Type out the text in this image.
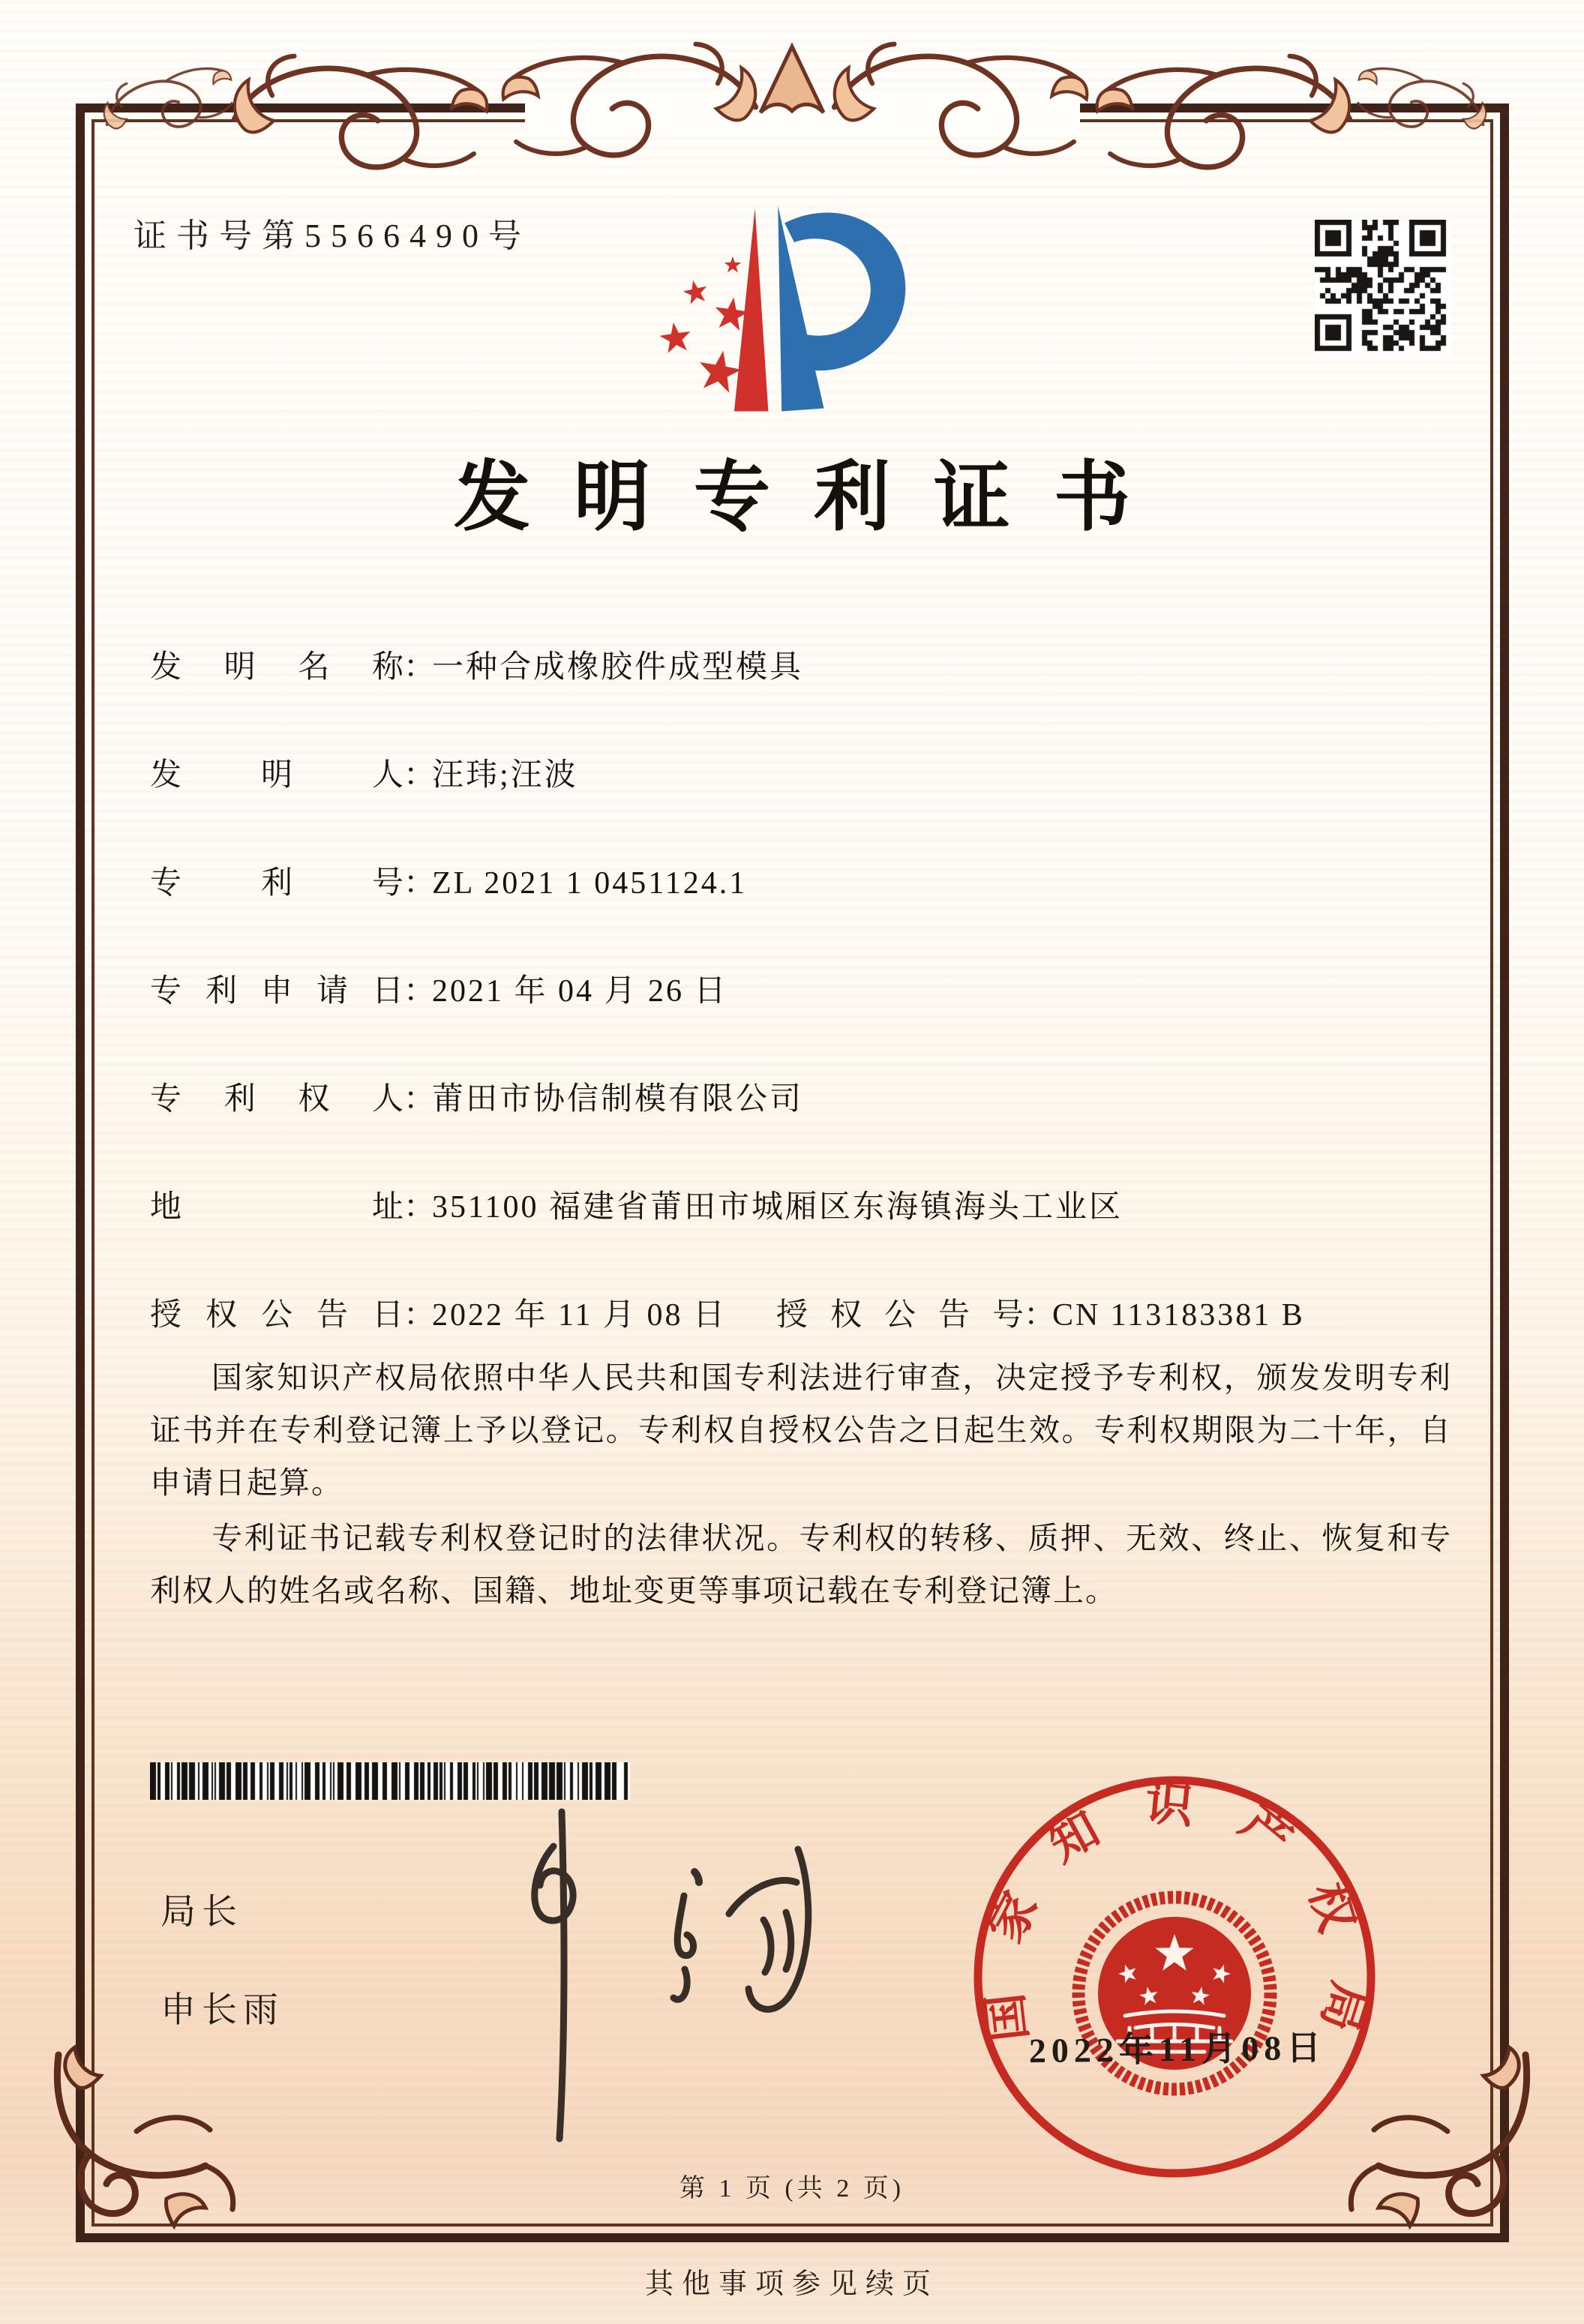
证书号第5566490号
发明专利证书
发明名称：一种合成橡胶件成型模具
发明人：汪玮;汪波
专利号：ZL 2021 1 0451124.1
专利申请日：2021 年 04 月 26 日
专利权人：莆田市协信制模有限公司
地址：351100 福建省莆田市城厢区东海镇海头工业区
授权公告日：2022 年 11 月 08 日 授权公告号：CN 113183381 B

国家知识产权局依照中华人民共和国专利法进行审查，决定授予专利权，颁发发明专利证书并在专利登记簿上予以登记。专利权自授权公告之日起生效。专利权期限为二十年，自申请日起算。

专利证书记载专利权登记时的法律状况。专利权的转移、质押、无效、终止、恢复和专利权人的姓名或名称、国籍、地址变更等事项记载在专利登记簿上。

局长
申长雨	国家知识产权局
2022年11月08日
第 1 页 (共 2 页)
其他事项参见续页
